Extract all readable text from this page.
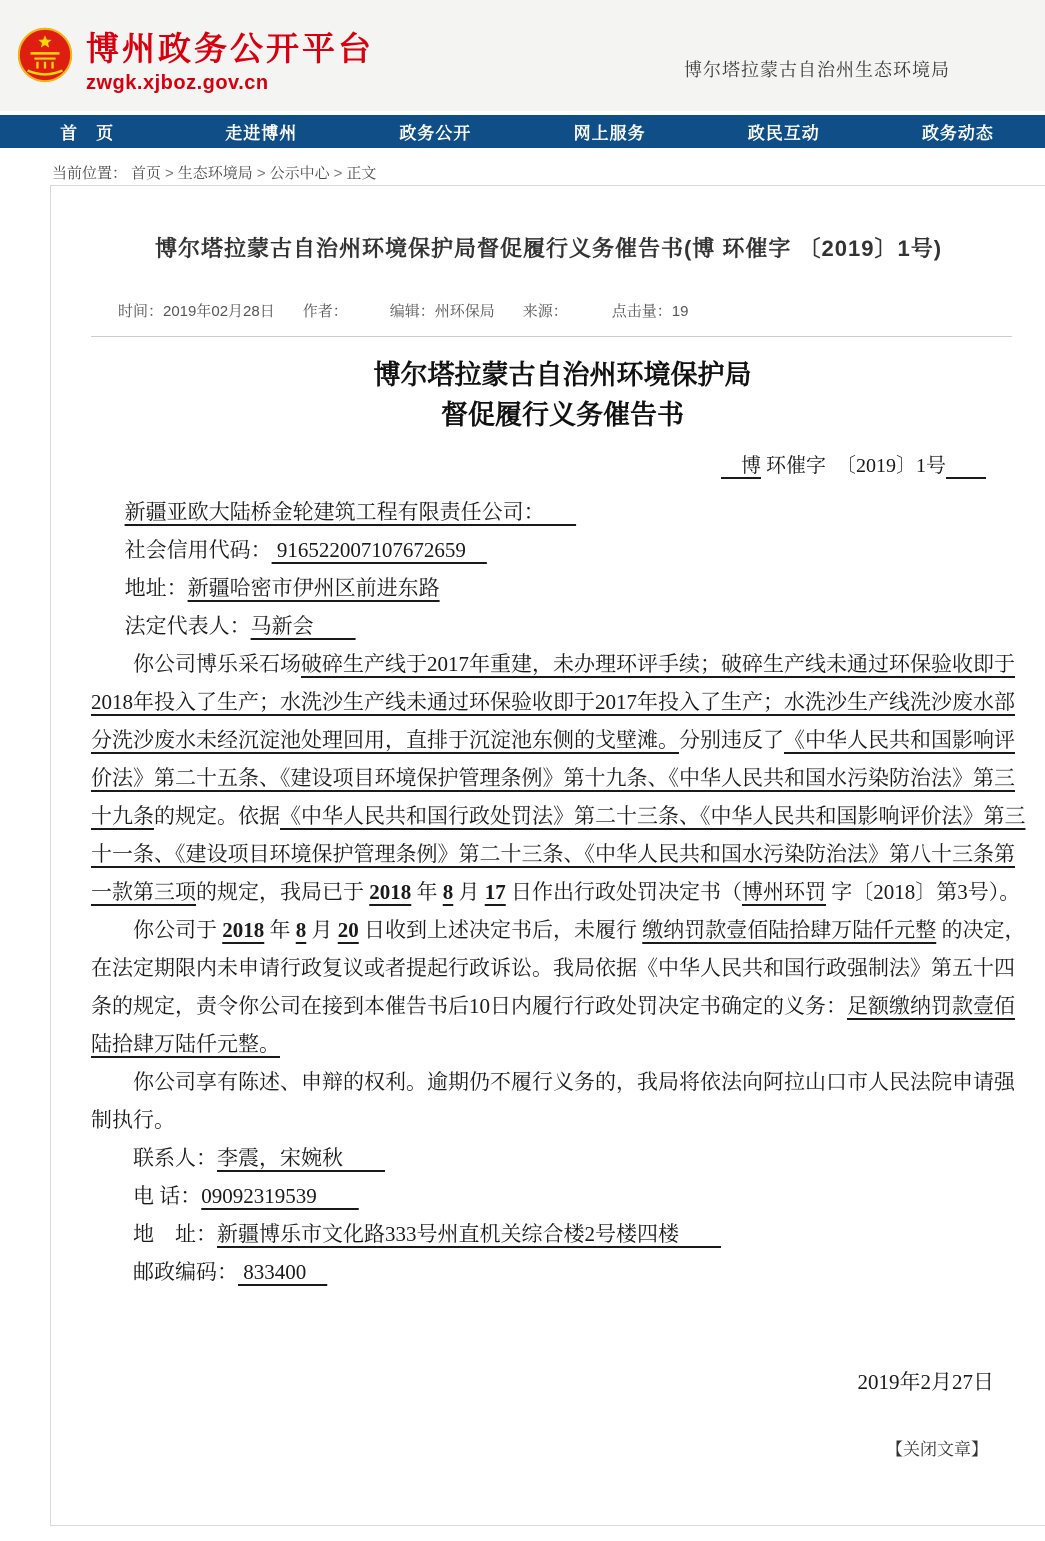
博州政务公开平台
zwgk.xjboz.gov.cn
博尔塔拉蒙古自治州生态环境局
首　页	走进博州	政务公开	网上服务	政民互动	政务动态
当前位置： 首页 > 生态环境局 > 公示中心 > 正文
博尔塔拉蒙古自治州环境保护局督促履行义务催告书(博 环催字 〔2019〕1号)
时间：2019年02月28日 作者：	编辑：州环保局 来源：	点击量：19
博尔塔拉蒙古自治州环境保护局
督促履行义务催告书
　博 环催字　〔2019〕1号　　

新疆亚欧大陆桥金轮建筑工程有限责任公司：　　

社会信用代码： 916522007107672659　

地址：新疆哈密市伊州区前进东路

法定代表人：马新会　　

你公司博乐采石场破碎生产线于2017年重建，未办理环评手续；破碎生产线未通过环保验收即于2018年投入了生产；水洗沙生产线未通过环保验收即于2017年投入了生产；水洗沙生产线洗沙废水部分洗沙废水未经沉淀池处理回用，直排于沉淀池东侧的戈壁滩。分别违反了《中华人民共和国影响评价法》第二十五条、《建设项目环境保护管理条例》第十九条、《中华人民共和国水污染防治法》第三十九条的规定。依据《中华人民共和国行政处罚法》第二十三条、《中华人民共和国影响评价法》第三十一条、《建设项目环境保护管理条例》第二十三条、《中华人民共和国水污染防治法》第八十三条第一款第三项的规定，我局已于 2018 年 8 月 17 日作出行政处罚决定书（博州环罚 字〔2018〕第3号）。

你公司于 2018 年 8 月 20 日收到上述决定书后，未履行 缴纳罚款壹佰陆拾肆万陆仟元整 的决定，在法定期限内未申请行政复议或者提起行政诉讼。我局依据《中华人民共和国行政强制法》第五十四条的规定，责令你公司在接到本催告书后10日内履行行政处罚决定书确定的义务：足额缴纳罚款壹佰陆拾肆万陆仟元整。

你公司享有陈述、申辩的权利。逾期仍不履行义务的，我局将依法向阿拉山口市人民法院申请强制执行。

联系人：李震，宋婉秋　　

电 话：09092319539　　

地　址：新疆博乐市文化路333号州直机关综合楼2号楼四楼　　

邮政编码： 833400　

2019年2月27日
【关闭文章】
